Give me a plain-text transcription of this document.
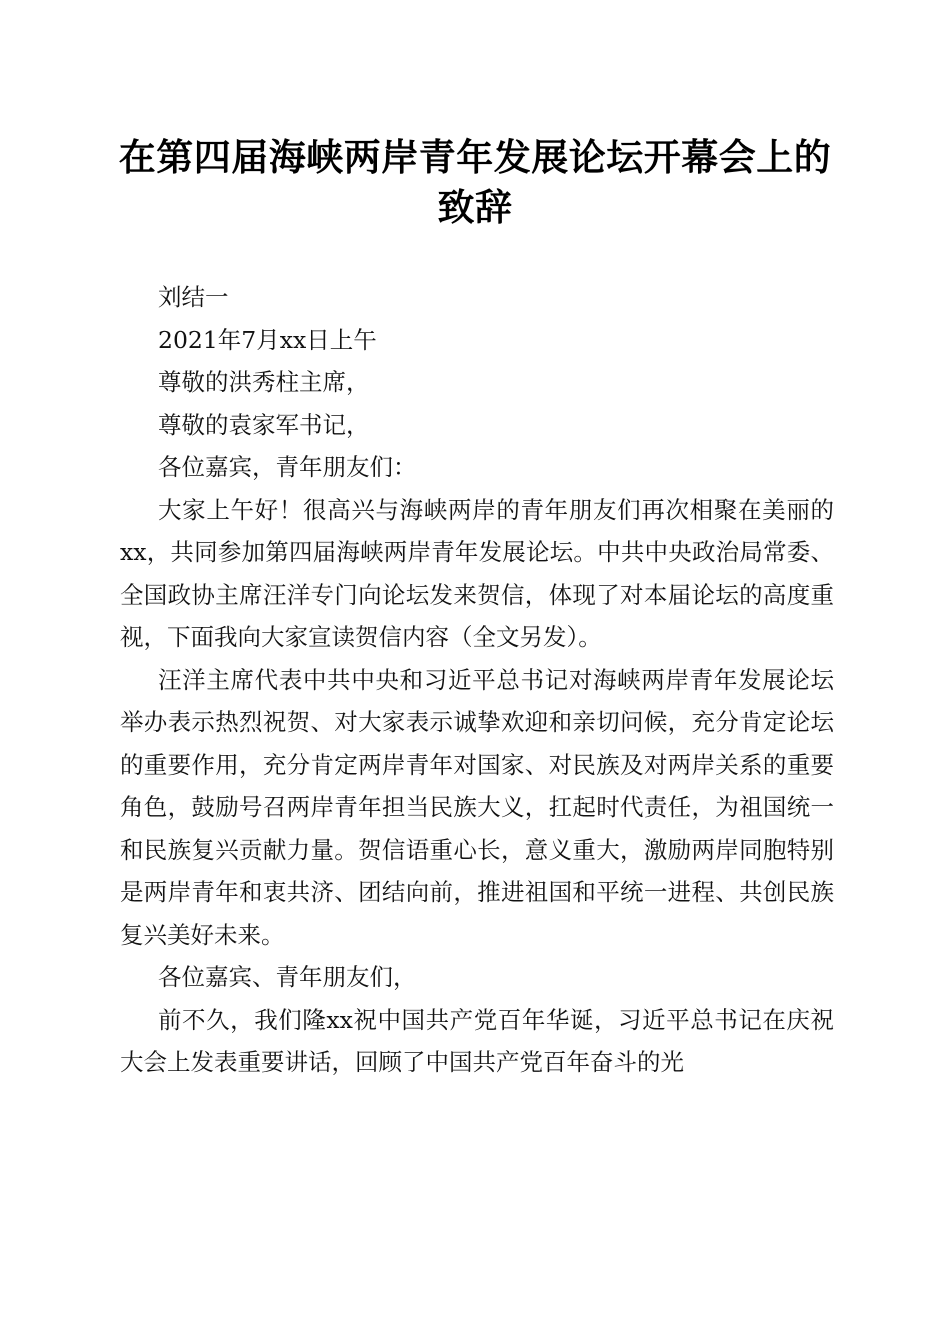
在第四届海峡两岸青年发展论坛开幕会上的致辞

刘结一

2021年7月xx日上午

尊敬的洪秀柱主席，

尊敬的袁家军书记，

各位嘉宾，青年朋友们：

大家上午好！很高兴与海峡两岸的青年朋友们再次相聚在美丽的xx，共同参加第四届海峡两岸青年发展论坛。中共中央政治局常委、全国政协主席汪洋专门向论坛发来贺信，体现了对本届论坛的高度重视，下面我向大家宣读贺信内容（全文另发）。

汪洋主席代表中共中央和习近平总书记对海峡两岸青年发展论坛举办表示热烈祝贺、对大家表示诚挚欢迎和亲切问候，充分肯定论坛的重要作用，充分肯定两岸青年对国家、对民族及对两岸关系的重要角色，鼓励号召两岸青年担当民族大义，扛起时代责任，为祖国统一和民族复兴贡献力量。贺信语重心长，意义重大，激励两岸同胞特别是两岸青年和衷共济、团结向前，推进祖国和平统一进程、共创民族复兴美好未来。

各位嘉宾、青年朋友们，

前不久，我们隆xx祝中国共产党百年华诞，习近平总书记在庆祝大会上发表重要讲话，回顾了中国共产党百年奋斗的光
